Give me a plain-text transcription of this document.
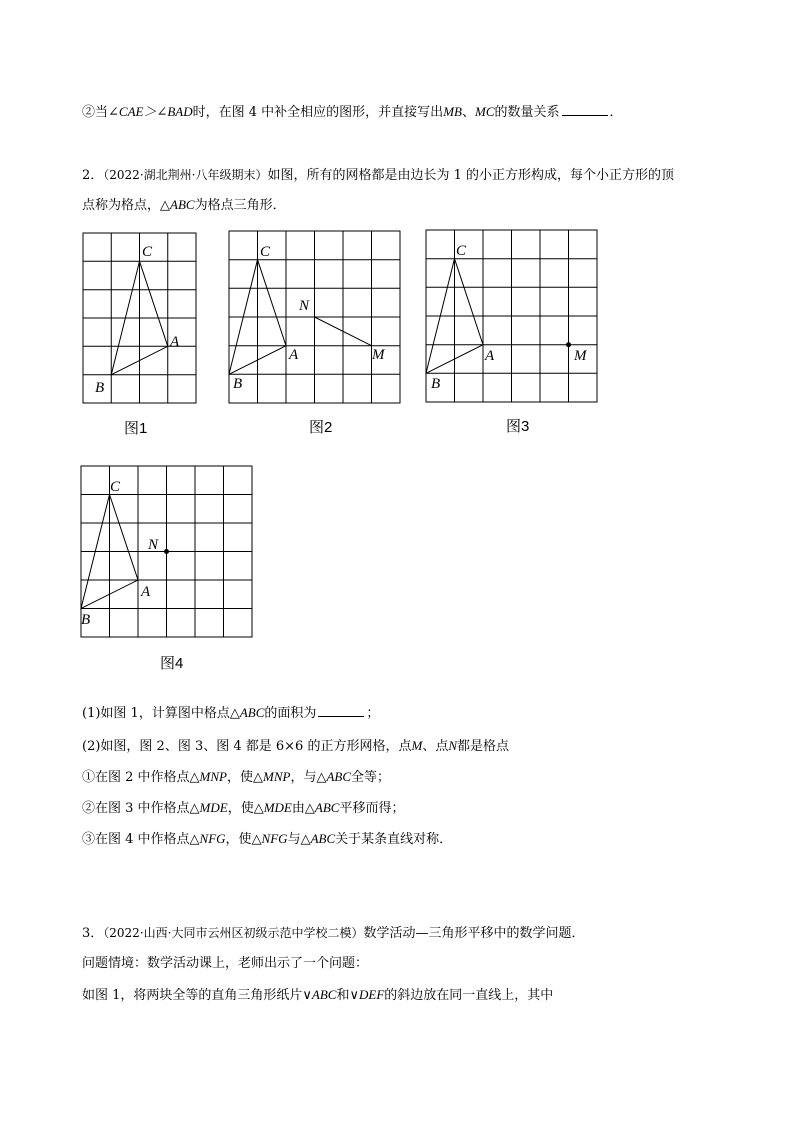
②当∠CAE＞∠BAD时，在图 4 中补全相应的图形，并直接写出MB、MC的数量关系	．
2．（2022·湖北荆州·八年级期末）如图，所有的网格都是由边长为 1 的小正方形构成，每个小正方形的顶
点称为格点，△ABC为格点三角形．
C
A
B
图1
C
A
B
N
M
图2
C
A
B
M
图3
C
A
B
N
图4
(1)如图 1，计算图中格点△ABC的面积为	；
(2)如图，图 2、图 3、图 4 都是 6×6 的正方形网格，点M、点N都是格点
①在图 2 中作格点△MNP，使△MNP，与△ABC全等；
②在图 3 中作格点△MDE，使△MDE由△ABC平移而得；
③在图 4 中作格点△NFG，使△NFG与△ABC关于某条直线对称．
3．（2022·山西·大同市云州区初级示范中学校二模）数学活动—三角形平移中的数学问题．
问题情境：数学活动课上，老师出示了一个问题：
如图 1，将两块全等的直角三角形纸片∨ABC和∨DEF的斜边放在同一直线上，其中
